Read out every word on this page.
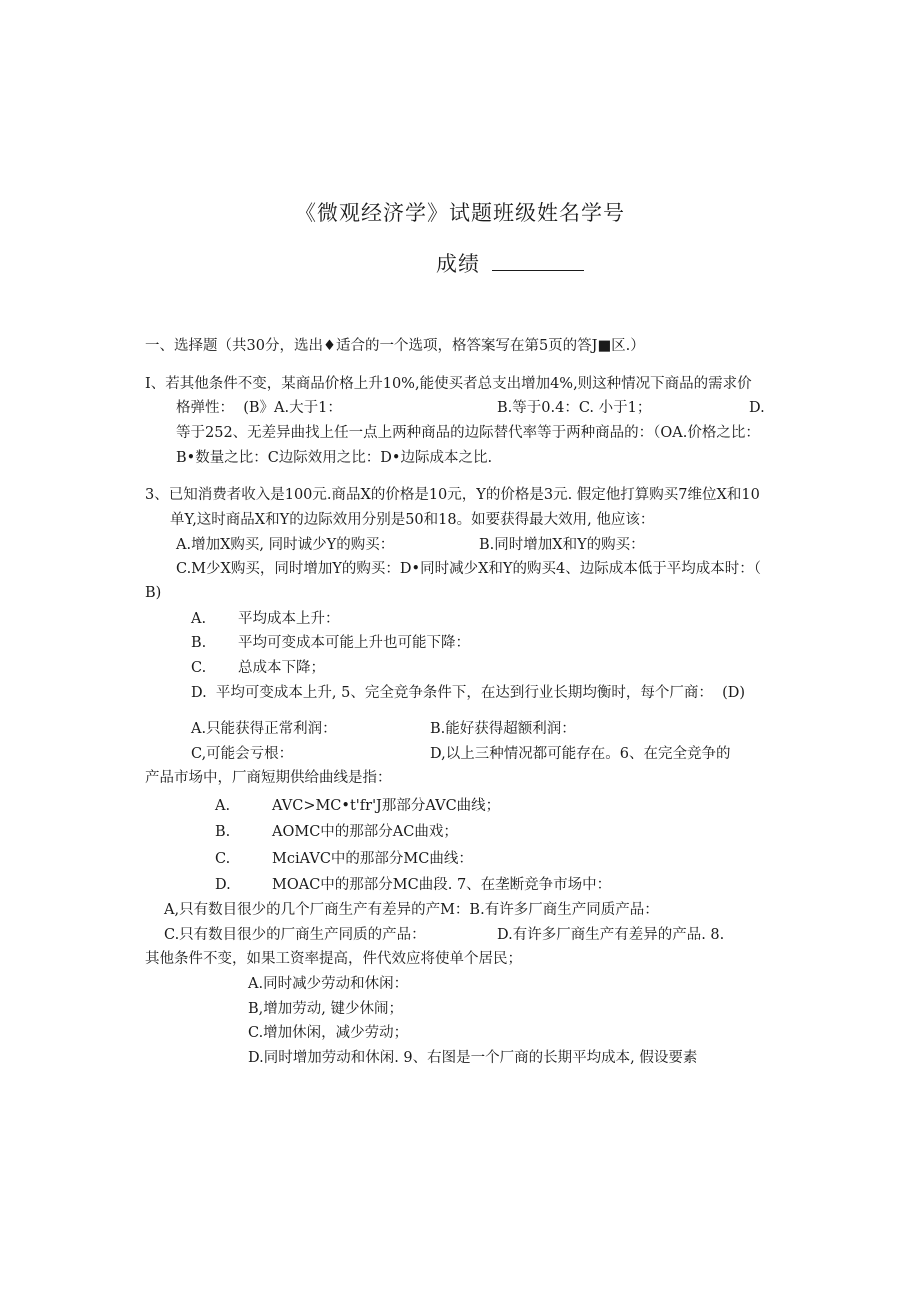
《微观经济学》试题班级姓名学号
成绩
一、选择题（共30分，选出♦适合的一个选项，格答案写在第5页的答J■区.）
I、若其他条件不变，某商品价格上升10%,能使买者总支出增加4%,则这种情况下商品的需求价
格弹性：  (B》A.大于1：	B.等于0.4：C. 小于1；	D.
等于252、无差异曲找上任一点上两种商品的边际替代率等于两种商品的：（OA.价格之比：
B•数量之比：C边际效用之比：D•边际成本之比.
3、已知消费者收入是100元.商品X的价格是10元，Y的价格是3元. 假定他打算购买7维位X和10
单Y,这时商品X和Y的边际效用分别是50和18。如要获得最大效用, 他应该：
A.增加X购买, 同时诚少Y的购买：	B.同时增加X和Y的购买：
C.M少X购买，同时增加Y的购买：D•同时减少X和Y的购买4、边际成本低于平均成本时：（
B)
A. 平均成本上升：
B. 平均可变成本可能上升也可能下降：
C. 总成本下降；
D.  平均可变成本上升, 5、完全竞争条件下，在达到行业长期均衡时，每个厂商：  (D)
A.只能获得正常利润：	B.能好获得超额利润：
C,可能会亏根：	D,以上三种情况都可能存在。6、在完全竞争的
产品市场中，厂商短期供给曲线是指：
A.	AVC>MC•t'fr'J那部分AVC曲线；
B.	AOMC中的那部分AC曲戏；
C.	MciAVC中的那部分MC曲线：
D.	MOAC中的那部分MC曲段. 7、在垄断竞争市场中：
A,只有数目很少的几个厂商生产有差异的产M：B.有许多厂商生产同质产品：
C.只有数目很少的厂商生产同质的产品：	D.有许多厂商生产有差异的产品. 8.
其他条件不变，如果工资率提高，件代效应将使单个居民；
A.同时减少劳动和休闲：
B,增加劳动, 键少休闹；
C.增加休闲，减少劳动；
D.同时增加劳动和休闲. 9、右图是一个厂商的长期平均成本, 假设要素
